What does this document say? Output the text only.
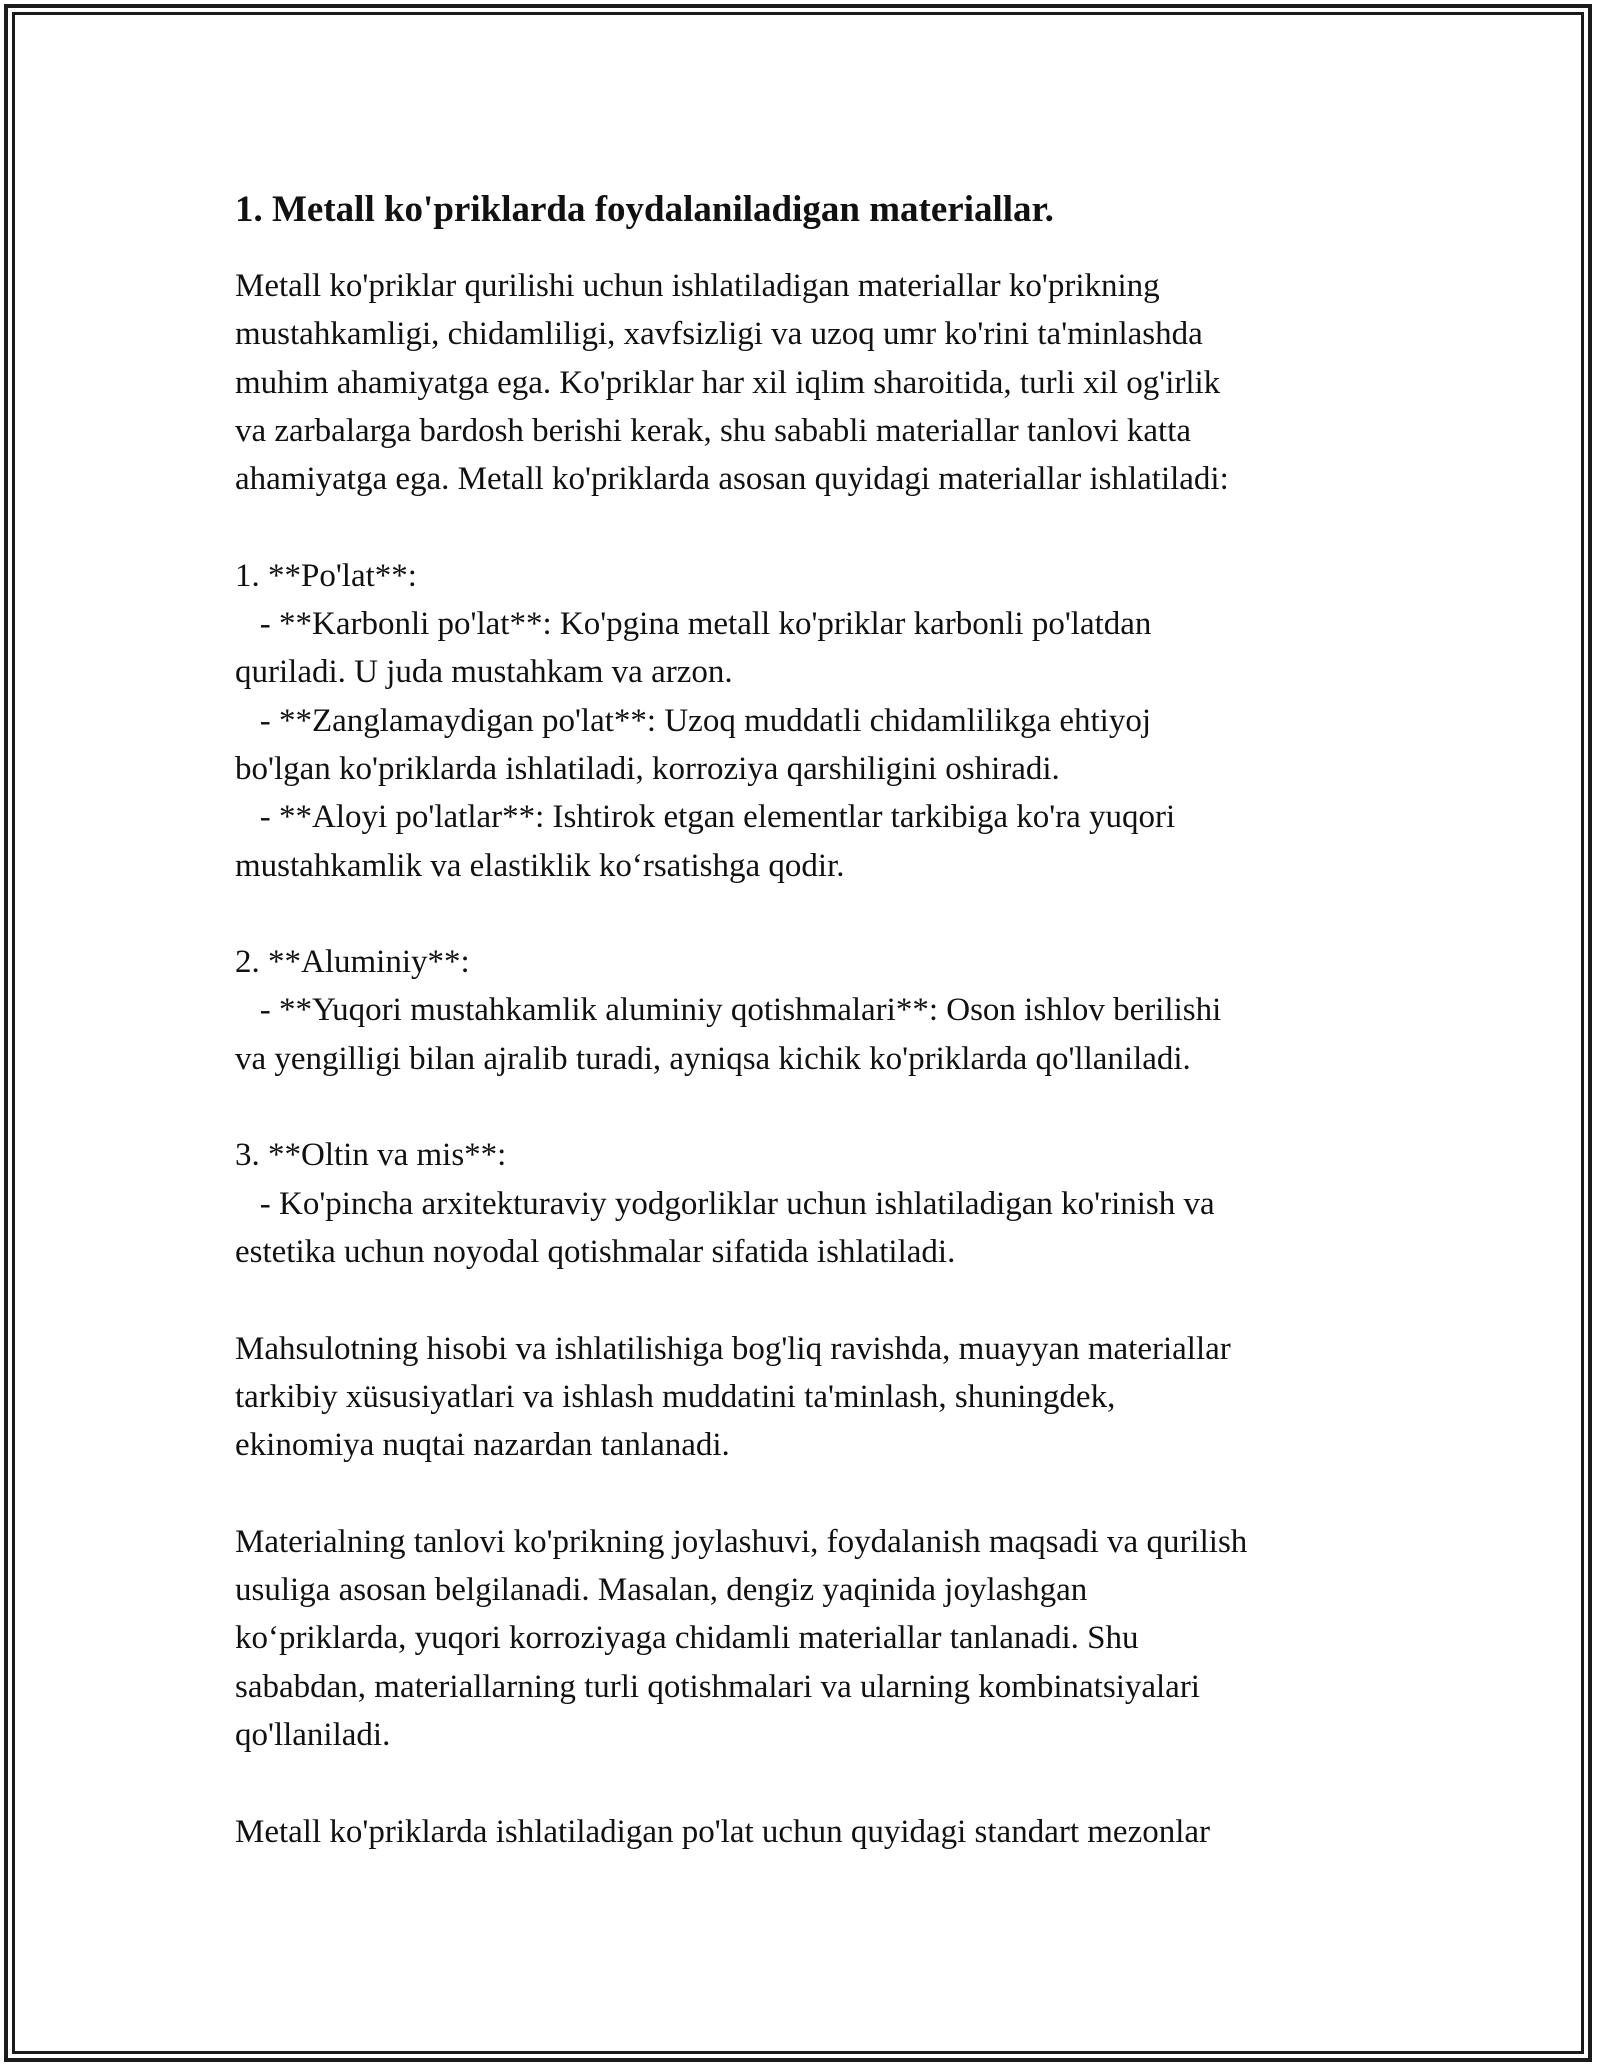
1. Metall ko'priklarda foydalaniladigan materiallar.
Metall ko'priklar qurilishi uchun ishlatiladigan materiallar ko'prikning
mustahkamligi, chidamliligi, xavfsizligi va uzoq umr ko'rini ta'minlashda
muhim ahamiyatga ega. Ko'priklar har xil iqlim sharoitida, turli xil og'irlik
va zarbalarga bardosh berishi kerak, shu sababli materiallar tanlovi katta
ahamiyatga ega. Metall ko'priklarda asosan quyidagi materiallar ishlatiladi:
1. **Po'lat**:
- **Karbonli po'lat**: Ko'pgina metall ko'priklar karbonli po'latdan
quriladi. U juda mustahkam va arzon.
- **Zanglamaydigan po'lat**: Uzoq muddatli chidamlilikga ehtiyoj
bo'lgan ko'priklarda ishlatiladi, korroziya qarshiligini oshiradi.
- **Aloyi po'latlar**: Ishtirok etgan elementlar tarkibiga ko'ra yuqori
mustahkamlik va elastiklik ko‘rsatishga qodir.
2. **Aluminiy**:
- **Yuqori mustahkamlik aluminiy qotishmalari**: Oson ishlov berilishi
va yengilligi bilan ajralib turadi, ayniqsa kichik ko'priklarda qo'llaniladi.
3. **Oltin va mis**:
- Ko'pincha arxitekturaviy yodgorliklar uchun ishlatiladigan ko'rinish va
estetika uchun noyodal qotishmalar sifatida ishlatiladi.
Mahsulotning hisobi va ishlatilishiga bog'liq ravishda, muayyan materiallar
tarkibiy xüsusiyatlari va ishlash muddatini ta'minlash, shuningdek,
ekinomiya nuqtai nazardan tanlanadi.
Materialning tanlovi ko'prikning joylashuvi, foydalanish maqsadi va qurilish
usuliga asosan belgilanadi. Masalan, dengiz yaqinida joylashgan
ko‘priklarda, yuqori korroziyaga chidamli materiallar tanlanadi. Shu
sababdan, materiallarning turli qotishmalari va ularning kombinatsiyalari
qo'llaniladi.
Metall ko'priklarda ishlatiladigan po'lat uchun quyidagi standart mezonlar
